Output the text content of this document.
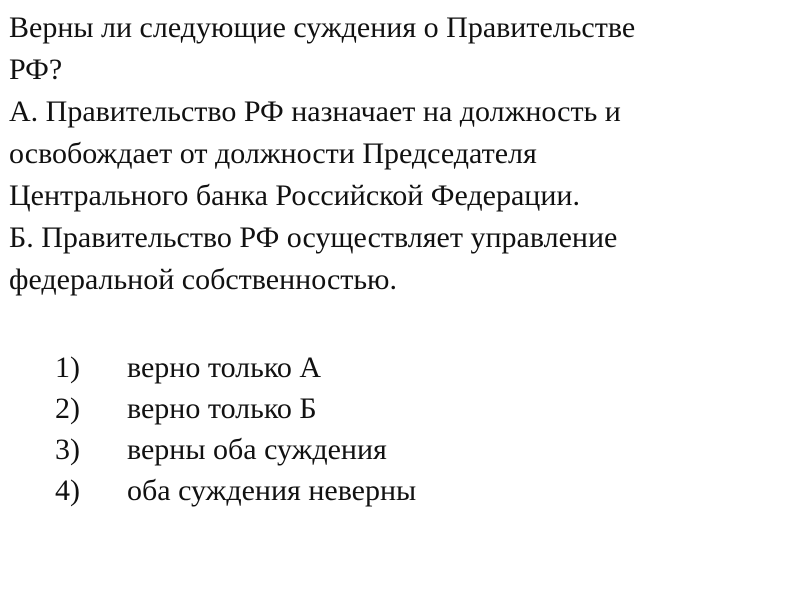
Верны ли следующие суждения о Правительстве

РФ?

А. Правительство РФ назначает на должность и

освобождает от должности Председателя

Центрального банка Российской Федерации.

Б. Правительство РФ осуществляет управление

федеральной собственностью.

1)	верно только А
2)	верно только Б
3)	верны оба суждения
4)	оба суждения неверны
